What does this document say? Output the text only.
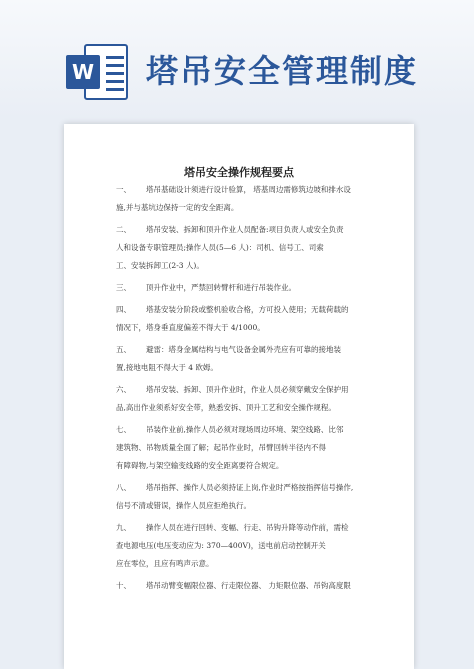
W 塔吊安全管理制度
塔吊安全操作规程要点
一、 塔吊基础设计须进行设计验算， 塔基周边需修筑边坡和排水设
施,并与基坑边保持一定的安全距离。
二、 塔吊安装、拆卸和顶升作业人员配备:项目负责人或安全负责
人和设备专职管理员;操作人员(5—6 人)：司机、信号工、司索
工、安装拆卸工(2-3 人)。
三、 顶升作业中，严禁回转臂杆和进行吊装作业。
四、 塔基安装分阶段或整机验收合格，方可投入使用；无载荷载的
情况下，塔身垂直度偏差不得大于 4/1000。
五、 避雷：塔身金属结构与电气设备金属外壳应有可靠的接地装
置,接地电阻不得大于 4 欧姆。
六、 塔吊安装、拆卸、顶升作业时，作业人员必须穿戴安全保护用
品,高出作业须系好安全带，熟悉安拆、顶升工艺和安全操作规程。
七、 吊装作业前,操作人员必须对现场周边环境、架空线路、比邻
建筑物、吊物质量全面了解；起吊作业时，吊臂回转半径内不得
有障碍物,与架空输变线路的安全距离要符合规定。
八、 塔吊指挥、操作人员必须持证上岗,作业时严格按指挥信号操作,
信号不清或错误，操作人员应拒绝执行。
九、 操作人员在进行回转、变幅、行走、吊钩升降等动作前，需检
查电源电压(电压变动应为: 370—400V)，送电前启动控制开关
应在零位，且应有鸣声示意。
十、 塔吊动臂变幅限位器、行走限位器、 力矩限位器、吊钩高度限
